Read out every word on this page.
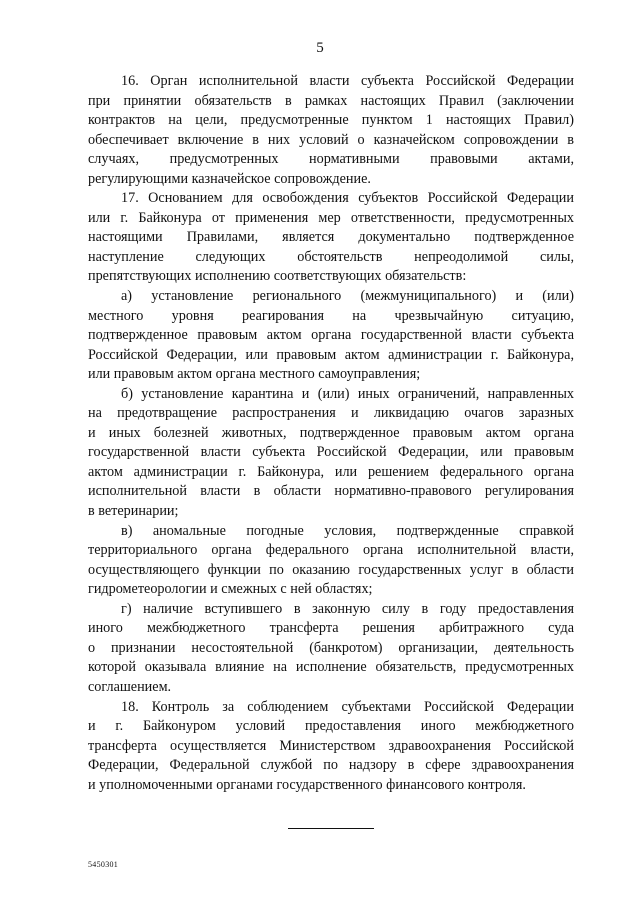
5
16. Орган исполнительной власти субъекта Российской Федерации
при принятии обязательств в рамках настоящих Правил (заключении
контрактов на цели, предусмотренные пунктом 1 настоящих Правил)
обеспечивает включение в них условий о казначейском сопровождении в
случаях, предусмотренных нормативными правовыми актами,
регулирующими казначейское сопровождение.
17. Основанием для освобождения субъектов Российской Федерации
или г. Байконура от применения мер ответственности, предусмотренных
настоящими Правилами, является документально подтвержденное
наступление следующих обстоятельств непреодолимой силы,
препятствующих исполнению соответствующих обязательств:
а) установление регионального (межмуниципального) и (или)
местного уровня реагирования на чрезвычайную ситуацию,
подтвержденное правовым актом органа государственной власти субъекта
Российской Федерации, или правовым актом администрации г. Байконура,
или правовым актом органа местного самоуправления;
б) установление карантина и (или) иных ограничений, направленных
на предотвращение распространения и ликвидацию очагов заразных
и иных болезней животных, подтвержденное правовым актом органа
государственной власти субъекта Российской Федерации, или правовым
актом администрации г. Байконура, или решением федерального органа
исполнительной власти в области нормативно-правового регулирования
в ветеринарии;
в) аномальные погодные условия, подтвержденные справкой
территориального органа федерального органа исполнительной власти,
осуществляющего функции по оказанию государственных услуг в области
гидрометеорологии и смежных с ней областях;
г) наличие вступившего в законную силу в году предоставления
иного межбюджетного трансферта решения арбитражного суда
о признании несостоятельной (банкротом) организации, деятельность
которой оказывала влияние на исполнение обязательств, предусмотренных
соглашением.
18. Контроль за соблюдением субъектами Российской Федерации
и г. Байконуром условий предоставления иного межбюджетного
трансферта осуществляется Министерством здравоохранения Российской
Федерации, Федеральной службой по надзору в сфере здравоохранения
и уполномоченными органами государственного финансового контроля.
5450301
